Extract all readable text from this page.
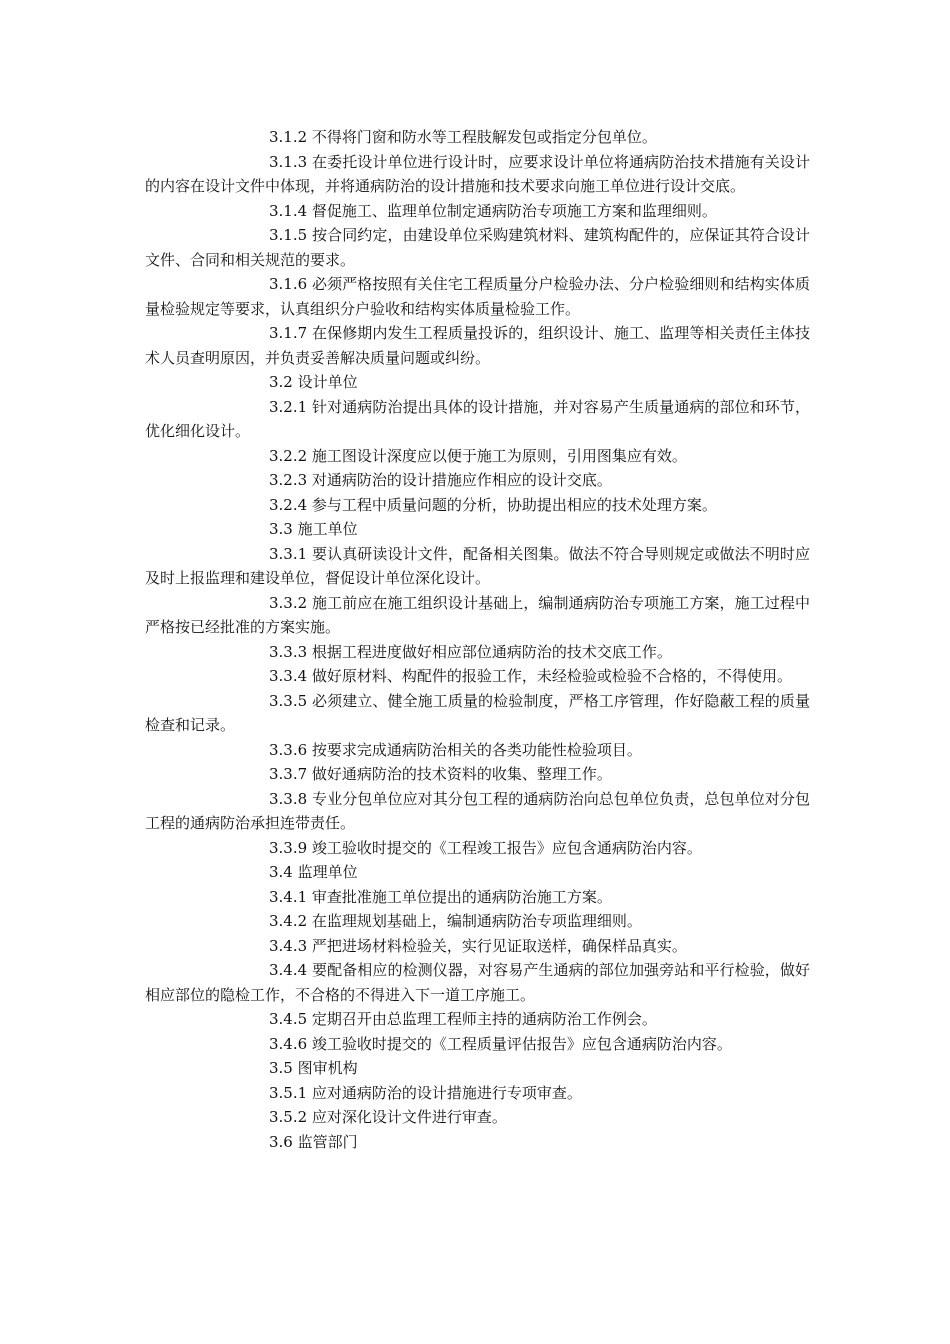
3.1.2 不得将门窗和防水等工程肢解发包或指定分包单位。

3.1.3 在委托设计单位进行设计时，应要求设计单位将通病防治技术措施有关设计的内容在设计文件中体现，并将通病防治的设计措施和技术要求向施工单位进行设计交底。

3.1.4 督促施工、监理单位制定通病防治专项施工方案和监理细则。

3.1.5 按合同约定，由建设单位采购建筑材料、建筑构配件的，应保证其符合设计文件、合同和相关规范的要求。

3.1.6 必须严格按照有关住宅工程质量分户检验办法、分户检验细则和结构实体质量检验规定等要求，认真组织分户验收和结构实体质量检验工作。

3.1.7 在保修期内发生工程质量投诉的，组织设计、施工、监理等相关责任主体技术人员查明原因，并负责妥善解决质量问题或纠纷。

3.2 设计单位

3.2.1 针对通病防治提出具体的设计措施，并对容易产生质量通病的部位和环节，优化细化设计。

3.2.2 施工图设计深度应以便于施工为原则，引用图集应有效。

3.2.3 对通病防治的设计措施应作相应的设计交底。

3.2.4 参与工程中质量问题的分析，协助提出相应的技术处理方案。

3.3 施工单位

3.3.1 要认真研读设计文件，配备相关图集。做法不符合导则规定或做法不明时应及时上报监理和建设单位，督促设计单位深化设计。

3.3.2 施工前应在施工组织设计基础上，编制通病防治专项施工方案，施工过程中严格按已经批准的方案实施。

3.3.3 根据工程进度做好相应部位通病防治的技术交底工作。

3.3.4 做好原材料、构配件的报验工作，未经检验或检验不合格的，不得使用。

3.3.5 必须建立、健全施工质量的检验制度，严格工序管理，作好隐蔽工程的质量检查和记录。

3.3.6 按要求完成通病防治相关的各类功能性检验项目。

3.3.7 做好通病防治的技术资料的收集、整理工作。

3.3.8 专业分包单位应对其分包工程的通病防治向总包单位负责，总包单位对分包工程的通病防治承担连带责任。

3.3.9 竣工验收时提交的《工程竣工报告》应包含通病防治内容。

3.4 监理单位

3.4.1 审查批准施工单位提出的通病防治施工方案。

3.4.2 在监理规划基础上，编制通病防治专项监理细则。

3.4.3 严把进场材料检验关，实行见证取送样，确保样品真实。

3.4.4 要配备相应的检测仪器，对容易产生通病的部位加强旁站和平行检验，做好相应部位的隐检工作，不合格的不得进入下一道工序施工。

3.4.5 定期召开由总监理工程师主持的通病防治工作例会。

3.4.6 竣工验收时提交的《工程质量评估报告》应包含通病防治内容。

3.5 图审机构

3.5.1 应对通病防治的设计措施进行专项审查。

3.5.2 应对深化设计文件进行审查。

3.6 监管部门
